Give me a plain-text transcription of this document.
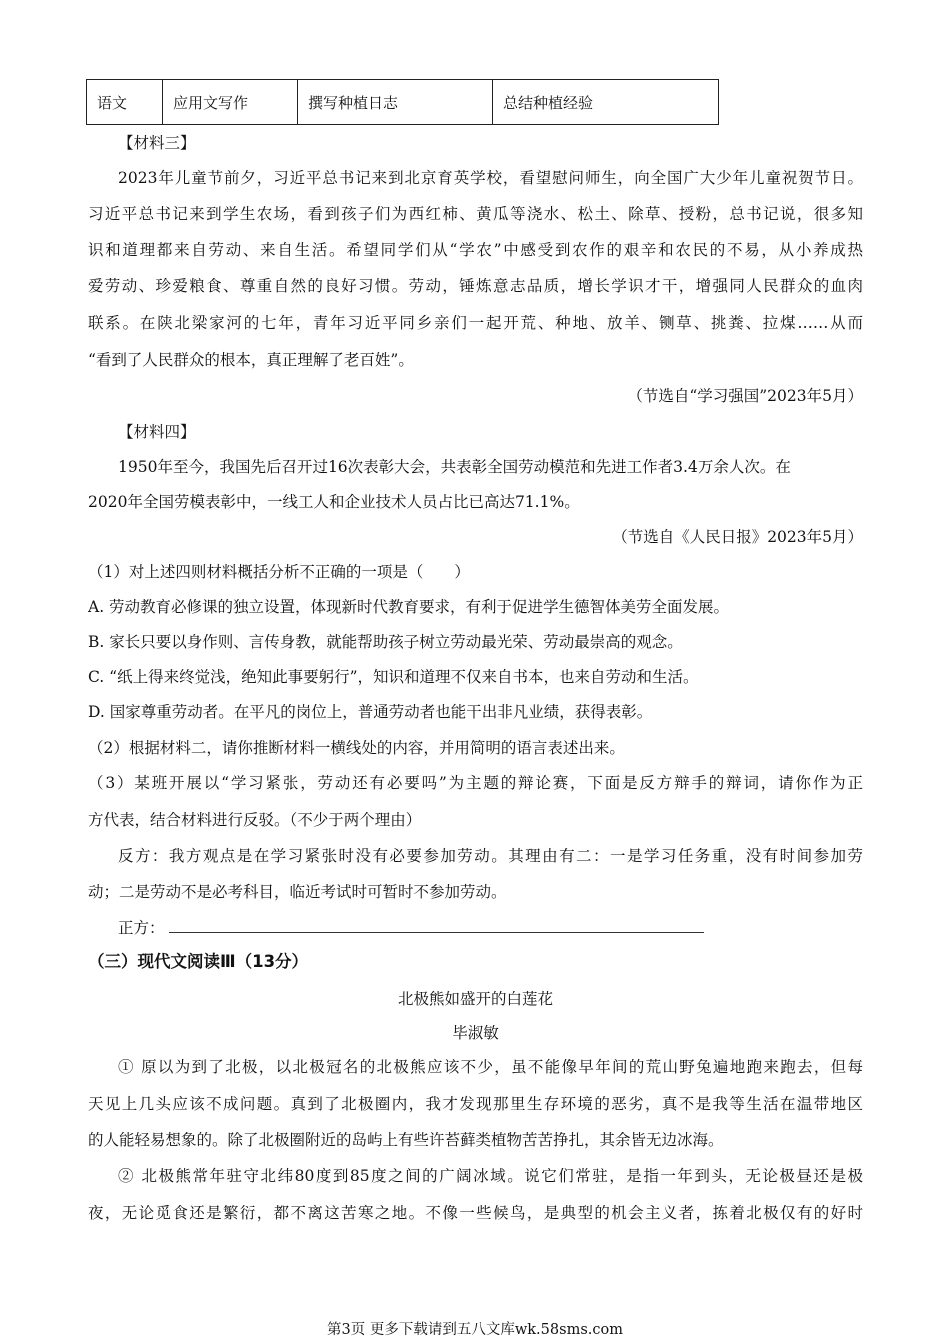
语文	应用文写作	撰写种植日志	总结种植经验
【材料三】
2023年儿童节前夕，习近平总书记来到北京育英学校，看望慰问师生，向全国广大少年儿童祝贺节日。
习近平总书记来到学生农场，看到孩子们为西红柿、黄瓜等浇水、松土、除草、授粉，总书记说，很多知
识和道理都来自劳动、来自生活。希望同学们从“学农”中感受到农作的艰辛和农民的不易，从小养成热
爱劳动、珍爱粮食、尊重自然的良好习惯。劳动，锤炼意志品质，增长学识才干，增强同人民群众的血肉
联系。在陕北梁家河的七年，青年习近平同乡亲们一起开荒、种地、放羊、铡草、挑粪、拉煤……从而
“看到了人民群众的根本，真正理解了老百姓”。
（节选自“学习强国”2023年5月）
【材料四】
1950年至今，我国先后召开过16次表彰大会，共表彰全国劳动模范和先进工作者3.4万余人次。在
2020年全国劳模表彰中，一线工人和企业技术人员占比已高达71.1%。
（节选自《人民日报》2023年5月）
（1）对上述四则材料概括分析不正确的一项是（　　）
A. 劳动教育必修课的独立设置，体现新时代教育要求，有利于促进学生德智体美劳全面发展。
B. 家长只要以身作则、言传身教，就能帮助孩子树立劳动最光荣、劳动最崇高的观念。
C. “纸上得来终觉浅，绝知此事要躬行”，知识和道理不仅来自书本，也来自劳动和生活。
D. 国家尊重劳动者。在平凡的岗位上，普通劳动者也能干出非凡业绩，获得表彰。
（2）根据材料二，请你推断材料一横线处的内容，并用简明的语言表述出来。
（3）某班开展以“学习紧张，劳动还有必要吗”为主题的辩论赛，下面是反方辩手的辩词，请你作为正
方代表，结合材料进行反驳。（不少于两个理由）
反方：我方观点是在学习紧张时没有必要参加劳动。其理由有二：一是学习任务重，没有时间参加劳
动；二是劳动不是必考科目，临近考试时可暂时不参加劳动。
正方：
（三）现代文阅读Ⅲ（13分）
北极熊如盛开的白莲花
毕淑敏
① 原以为到了北极，以北极冠名的北极熊应该不少，虽不能像早年间的荒山野兔遍地跑来跑去，但每
天见上几头应该不成问题。真到了北极圈内，我才发现那里生存环境的恶劣，真不是我等生活在温带地区
的人能轻易想象的。除了北极圈附近的岛屿上有些许苔藓类植物苦苦挣扎，其余皆无边冰海。
② 北极熊常年驻守北纬80度到85度之间的广阔冰域。说它们常驻，是指一年到头，无论极昼还是极
夜，无论觅食还是繁衍，都不离这苦寒之地。不像一些候鸟，是典型的机会主义者，拣着北极仅有的好时
第3页 更多下载请到五八文库wk.58sms.com
